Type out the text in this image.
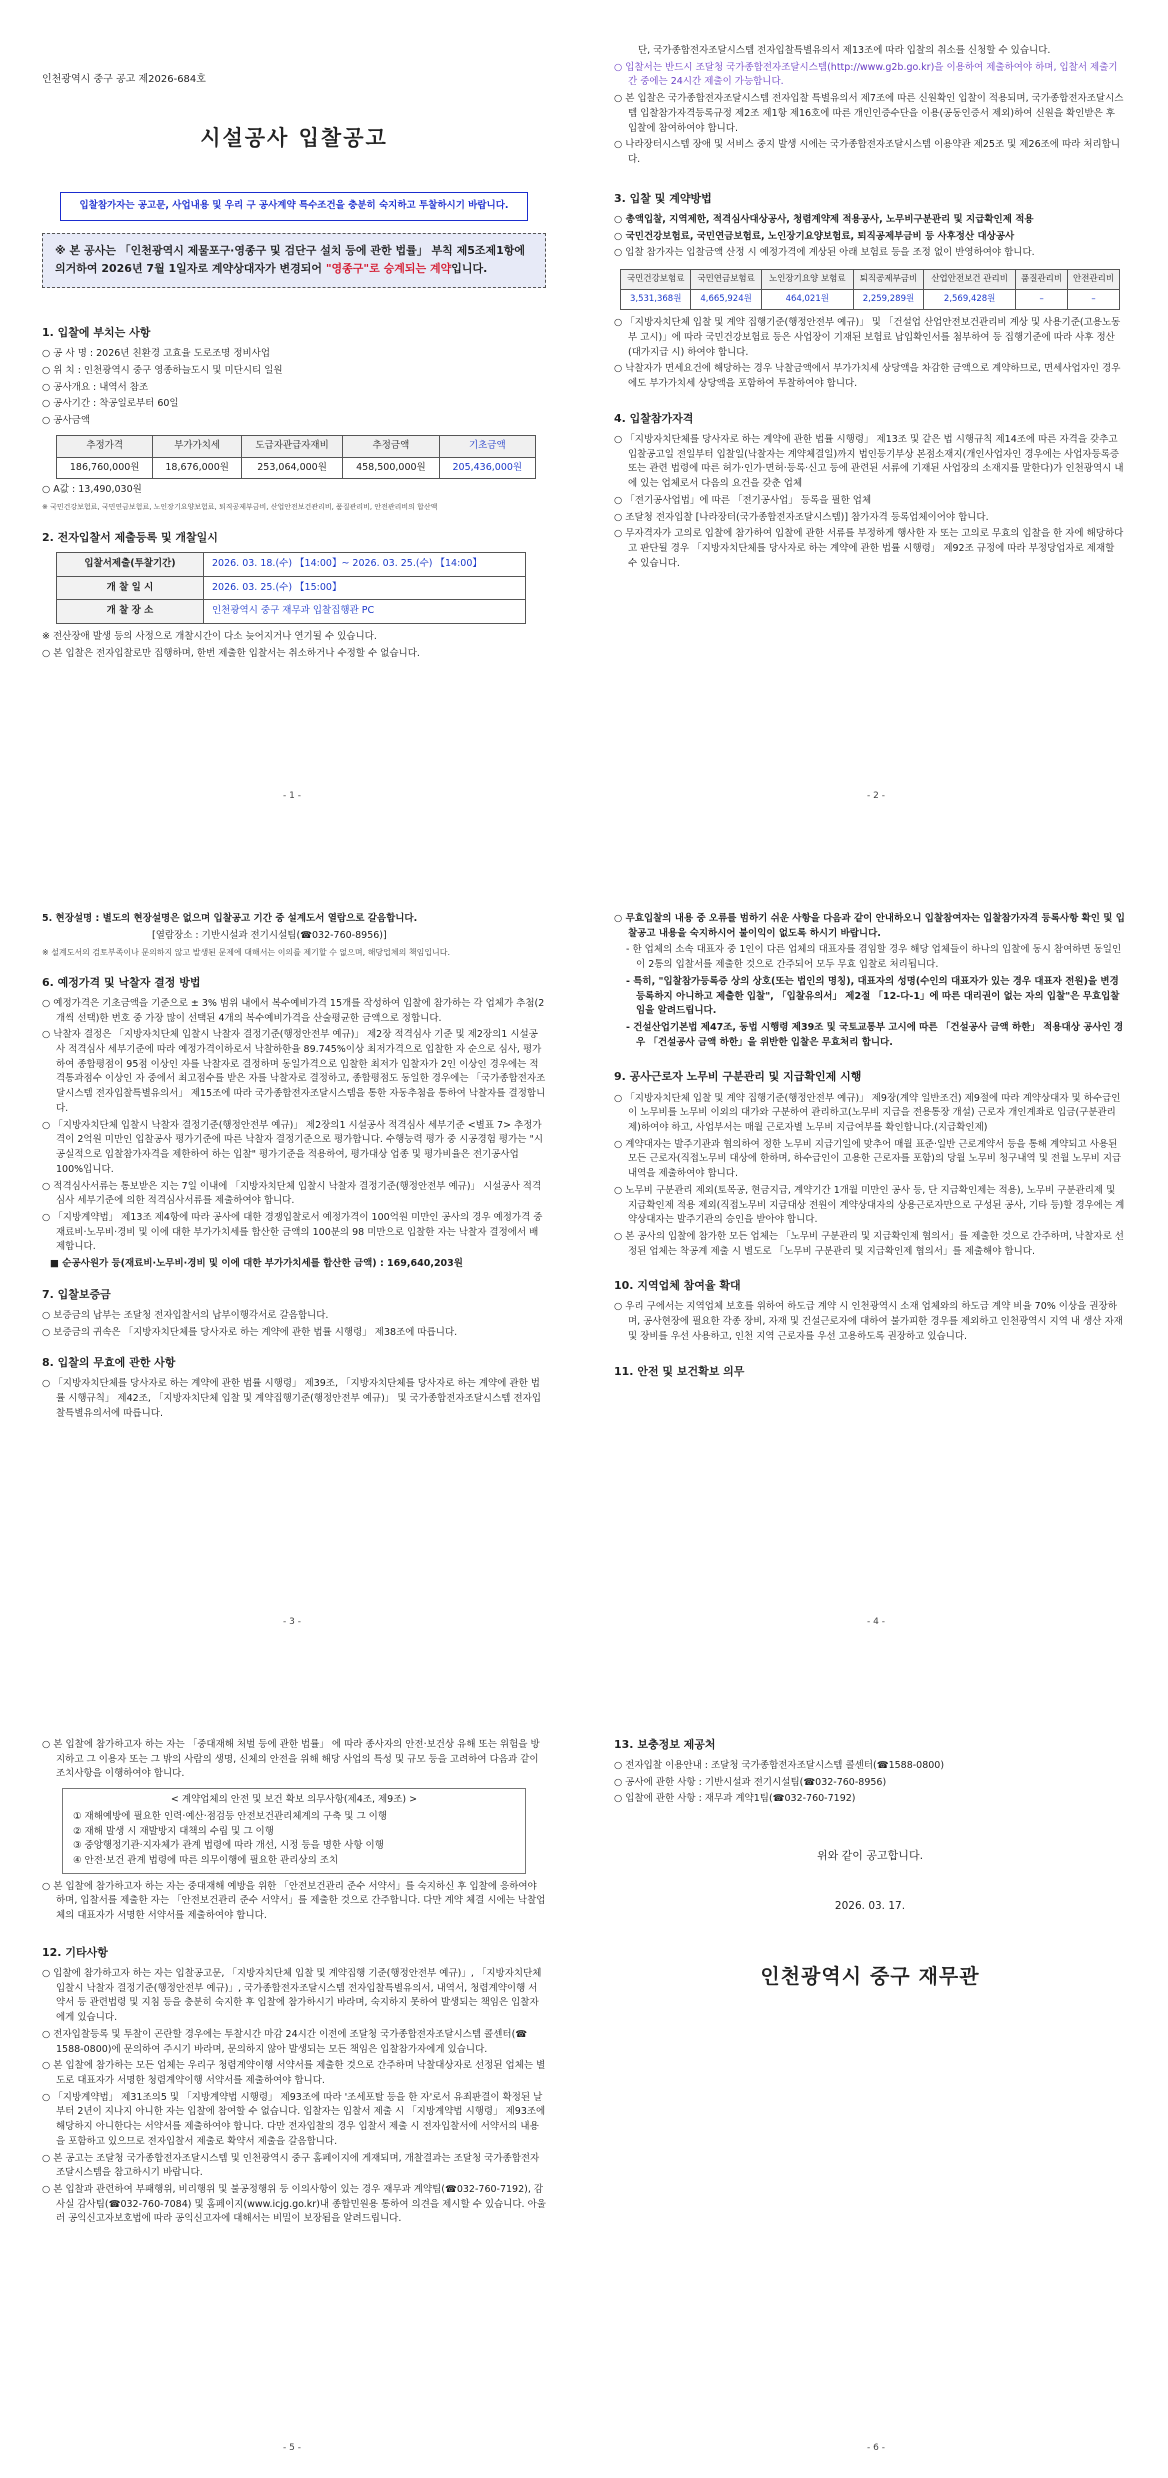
인천광역시 중구 공고 제2026-684호
시설공사 입찰공고
입찰참가자는 공고문, 사업내용 및 우리 구 공사계약 특수조건을 충분히 숙지하고 투찰하시기 바랍니다.
※ 본 공사는 「인천광역시 제물포구·영종구 및 검단구 설치 등에 관한 법률」 부칙 제5조제1항에 의거하여 2026년 7월 1일자로 계약상대자가 변경되어 "영종구"로 승계되는 계약입니다.
1. 입찰에 부치는 사항
○ 공 사 명 : 2026년 친환경 고효율 도로조명 정비사업
○ 위 치 : 인천광역시 중구 영종하늘도시 및 미단시티 일원
○ 공사개요 : 내역서 참조
○ 공사기간 : 착공일로부터 60일
○ 공사금액
추정가격	부가가치세	도급자관급자재비	추정금액	기초금액
186,760,000원	18,676,000원	253,064,000원	458,500,000원	205,436,000원
○ A값 : 13,490,030원
※ 국민건강보험료, 국민연금보험료, 노인장기요양보험료, 퇴직공제부금비, 산업안전보건관리비, 품질관리비, 안전관리비의 합산액
2. 전자입찰서 제출등록 및 개찰일시
입찰서제출(투찰기간)	2026. 03. 18.(수) 【14:00】~ 2026. 03. 25.(수) 【14:00】
개 찰 일 시	2026. 03. 25.(수) 【15:00】
개 찰 장 소	인천광역시 중구 재무과 입찰집행관 PC
※ 전산장애 발생 등의 사정으로 개찰시간이 다소 늦어지거나 연기될 수 있습니다.
○ 본 입찰은 전자입찰로만 집행하며, 한번 제출한 입찰서는 취소하거나 수정할 수 없습니다.
- 1 -
단, 국가종합전자조달시스템 전자입찰특별유의서 제13조에 따라 입찰의 취소를 신청할 수 있습니다.
○ 입찰서는 반드시 조달청 국가종합전자조달시스템(http://www.g2b.go.kr)을 이용하여 제출하여야 하며, 입찰서 제출기간 중에는 24시간 제출이 가능합니다.
○ 본 입찰은 국가종합전자조달시스템 전자입찰 특별유의서 제7조에 따른 신원확인 입찰이 적용되며, 국가종합전자조달시스템 입찰참가자격등록규정 제2조 제1항 제16호에 따른 개인인증수단을 이용(공동인증서 제외)하여 신원을 확인받은 후 입찰에 참여하여야 합니다.
○ 나라장터시스템 장애 및 서비스 중지 발생 시에는 국가종합전자조달시스템 이용약관 제25조 및 제26조에 따라 처리합니다.
3. 입찰 및 계약방법
○ 총액입찰, 지역제한, 적격심사대상공사, 청렴계약제 적용공사, 노무비구분관리 및 지급확인제 적용
○ 국민건강보험료, 국민연금보험료, 노인장기요양보험료, 퇴직공제부금비 등 사후정산 대상공사
○ 입찰 참가자는 입찰금액 산정 시 예정가격에 계상된 아래 보험료 등을 조정 없이 반영하여야 합니다.
국민건강보험료	국민연금보험료	노인장기요양 보험료	퇴직공제부금비	산업안전보건 관리비	품질관리비	안전관리비
3,531,368원	4,665,924원	464,021원	2,259,289원	2,569,428원	–	–
○ 「지방자치단체 입찰 및 계약 집행기준(행정안전부 예규)」 및 「건설업 산업안전보건관리비 계상 및 사용기준(고용노동부 고시)」에 따라 국민건강보험료 등은 사업장이 기재된 보험료 납입확인서를 첨부하여 등 집행기준에 따라 사후 정산(대가지급 시) 하여야 합니다.
○ 낙찰자가 면세요건에 해당하는 경우 낙찰금액에서 부가가치세 상당액을 차감한 금액으로 계약하므로, 면세사업자인 경우에도 부가가치세 상당액을 포함하여 투찰하여야 합니다.
4. 입찰참가자격
○ 「지방자치단체를 당사자로 하는 계약에 관한 법률 시행령」 제13조 및 같은 법 시행규칙 제14조에 따른 자격을 갖추고 입찰공고일 전일부터 입찰일(낙찰자는 계약체결일)까지 법인등기부상 본점소재지(개인사업자인 경우에는 사업자등록증 또는 관련 법령에 따른 허가·인가·면허·등록·신고 등에 관련된 서류에 기재된 사업장의 소재지를 말한다)가 인천광역시 내에 있는 업체로서 다음의 요건을 갖춘 업체
○ 「전기공사업법」에 따른 「전기공사업」 등록을 필한 업체
○ 조달청 전자입찰 [나라장터(국가종합전자조달시스템)] 참가자격 등록업체이어야 합니다.
○ 무자격자가 고의로 입찰에 참가하여 입찰에 관한 서류를 부정하게 행사한 자 또는 고의로 무효의 입찰을 한 자에 해당하다고 판단될 경우 「지방자치단체를 당사자로 하는 계약에 관한 법률 시행령」 제92조 규정에 따라 부정당업자로 제재할 수 있습니다.
- 2 -
5. 현장설명 : 별도의 현장설명은 없으며 입찰공고 기간 중 설계도서 열람으로 갈음합니다.
[열람장소 : 기반시설과 전기시설팀(☎032-760-8956)]
※ 설계도서의 검토부족이나 문의하지 않고 발생된 문제에 대해서는 이의를 제기할 수 없으며, 해당업체의 책임입니다.
6. 예정가격 및 낙찰자 결정 방법
○ 예정가격은 기초금액을 기준으로 ± 3% 범위 내에서 복수예비가격 15개를 작성하여 입찰에 참가하는 각 업체가 추첨(2개씩 선택)한 번호 중 가장 많이 선택된 4개의 복수예비가격을 산술평균한 금액으로 정합니다.
○ 낙찰자 결정은 「지방자치단체 입찰시 낙찰자 결정기준(행정안전부 예규)」 제2장 적격심사 기준 및 제2장의1 시설공사 적격심사 세부기준에 따라 예정가격이하로서 낙찰하한율 89.745%이상 최저가격으로 입찰한 자 순으로 심사, 평가하여 종합평점이 95점 이상인 자를 낙찰자로 결정하며 동일가격으로 입찰한 최저가 입찰자가 2인 이상인 경우에는 적격통과점수 이상인 자 중에서 최고점수를 받은 자를 낙찰자로 결정하고, 종합평점도 동일한 경우에는 「국가종합전자조달시스템 전자입찰특별유의서」 제15조에 따라 국가종합전자조달시스템을 통한 자동추첨을 통하여 낙찰자를 결정합니다.
○ 「지방자치단체 입찰시 낙찰자 결정기준(행정안전부 예규)」 제2장의1 시설공사 적격심사 세부기준 <별표 7> 추정가격이 2억원 미만인 입찰공사 평가기준에 따른 낙찰자 결정기준으로 평가합니다. 수행능력 평가 중 시공경험 평가는 "시공실적으로 입찰참가자격을 제한하여 하는 입찰" 평가기준을 적용하여, 평가대상 업종 및 평가비율은 전기공사업 100%입니다.
○ 적격심사서류는 통보받은 지는 7일 이내에 「지방자치단체 입찰시 낙찰자 결정기준(행정안전부 예규)」 시설공사 적격심사 세부기준에 의한 적격심사서류를 제출하여야 합니다.
○ 「지방계약법」 제13조 제4항에 따라 공사에 대한 경쟁입찰로서 예정가격이 100억원 미만인 공사의 경우 예정가격 중 재료비·노무비·경비 및 이에 대한 부가가치세를 합산한 금액의 100분의 98 미만으로 입찰한 자는 낙찰자 결정에서 배제합니다.
■ 순공사원가 등(재료비·노무비·경비 및 이에 대한 부가가치세를 합산한 금액) : 169,640,203원
7. 입찰보증금
○ 보증금의 납부는 조달청 전자입찰서의 납부이행각서로 갈음합니다.
○ 보증금의 귀속은 「지방자치단체를 당사자로 하는 계약에 관한 법률 시행령」 제38조에 따릅니다.
8. 입찰의 무효에 관한 사항
○ 「지방자치단체를 당사자로 하는 계약에 관한 법률 시행령」 제39조, 「지방자치단체를 당사자로 하는 계약에 관한 법률 시행규칙」 제42조, 「지방자치단체 입찰 및 계약집행기준(행정안전부 예규)」 및 국가종합전자조달시스템 전자입찰특별유의서에 따릅니다.
- 3 -
○ 무효입찰의 내용 중 오류를 범하기 쉬운 사항을 다음과 같이 안내하오니 입찰참여자는 입찰참가자격 등록사항 확인 및 입찰공고 내용을 숙지하시어 불이익이 없도록 하시기 바랍니다.
- 한 업체의 소속 대표자 중 1인이 다른 업체의 대표자를 겸임할 경우 해당 업체들이 하나의 입찰에 동시 참여하면 동일인이 2통의 입찰서를 제출한 것으로 간주되어 모두 무효 입찰로 처리됩니다.
- 특히, "입찰참가등록증 상의 상호(또는 법인의 명칭), 대표자의 성명(수인의 대표자가 있는 경우 대표자 전원)을 변경등록하지 아니하고 제출한 입찰", 「입찰유의서」 제2절 「12-다-1」에 따른 대리권이 없는 자의 입찰"은 무효입찰임을 알려드립니다.
- 건설산업기본법 제47조, 동법 시행령 제39조 및 국토교통부 고시에 따른 「건설공사 금액 하한」 적용대상 공사인 경우 「건설공사 금액 하한」을 위반한 입찰은 무효처리 합니다.
9. 공사근로자 노무비 구분관리 및 지급확인제 시행
○ 「지방자치단체 입찰 및 계약 집행기준(행정안전부 예규)」 제9장(계약 일반조건) 제9절에 따라 계약상대자 및 하수급인이 노무비를 노무비 이외의 대가와 구분하여 관리하고(노무비 지급을 전용통장 개설) 근로자 개인계좌로 입금(구분관리제)하여야 하고, 사업부서는 매월 근로자별 노무비 지급여부를 확인합니다.(지급확인제)
○ 계약대자는 발주기관과 협의하여 정한 노무비 지급기일에 맞추어 매월 표준·일반 근로계약서 등을 통해 계약되고 사용된 모든 근로자(직접노무비 대상에 한하며, 하수급인이 고용한 근로자를 포함)의 당월 노무비 청구내역 및 전월 노무비 지급내역을 제출하여야 합니다.
○ 노무비 구분관리 제외(토목공, 현금지급, 계약기간 1개월 미만인 공사 등, 단 지급확인제는 적용), 노무비 구분관리제 및 지급확인제 적용 제외(직접노무비 지급대상 전원이 계약상대자의 상용근로자만으로 구성된 공사, 기타 등)할 경우에는 계약상대자는 발주기관의 승인을 받아야 합니다.
○ 본 공사의 입찰에 참가한 모든 업체는 「노무비 구분관리 및 지급확인제 협의서」를 제출한 것으로 간주하며, 낙찰자로 선정된 업체는 착공계 제출 시 별도로 「노무비 구분관리 및 지급확인제 협의서」를 제출해야 합니다.
10. 지역업체 참여율 확대
○ 우리 구에서는 지역업체 보호를 위하여 하도급 계약 시 인천광역시 소재 업체와의 하도급 계약 비율 70% 이상을 권장하며, 공사현장에 필요한 각종 장비, 자재 및 건설근로자에 대하여 불가피한 경우를 제외하고 인천광역시 지역 내 생산 자재 및 장비를 우선 사용하고, 인천 지역 근로자를 우선 고용하도록 권장하고 있습니다.
11. 안전 및 보건확보 의무
- 4 -
○ 본 입찰에 참가하고자 하는 자는 「중대재해 처벌 등에 관한 법률」 에 따라 종사자의 안전·보건상 유해 또는 위험을 방지하고 그 이용자 또는 그 밖의 사람의 생명, 신체의 안전을 위해 해당 사업의 특성 및 규모 등을 고려하여 다음과 같이 조치사항을 이행하여야 합니다.
< 계약업체의 안전 및 보건 확보 의무사항(제4조, 제9조) >
① 재해예방에 필요한 인력·예산·점검등 안전보건관리체계의 구축 및 그 이행
② 재해 발생 시 재발방지 대책의 수립 및 그 이행
③ 중앙행정기관·지자체가 관계 법령에 따라 개선, 시정 등을 명한 사항 이행
④ 안전·보건 관계 법령에 따른 의무이행에 필요한 관리상의 조치
○ 본 입찰에 참가하고자 하는 자는 중대재해 예방을 위한 「안전보건관리 준수 서약서」를 숙지하신 후 입찰에 응하여야 하며, 입찰서를 제출한 자는 「안전보건관리 준수 서약서」를 제출한 것으로 간주합니다. 다만 계약 체결 시에는 낙찰업체의 대표자가 서명한 서약서를 제출하여야 합니다.
12. 기타사항
○ 입찰에 참가하고자 하는 자는 입찰공고문, 「지방자치단체 입찰 및 계약집행 기준(행정안전부 예규)」, 「지방자치단체 입찰시 낙찰자 결정기준(행정안전부 예규)」, 국가종합전자조달시스템 전자입찰특별유의서, 내역서, 청렴계약이행 서약서 등 관련법령 및 지침 등을 충분히 숙지한 후 입찰에 참가하시기 바라며, 숙지하지 못하여 발생되는 책임은 입찰자에게 있습니다.
○ 전자입찰등록 및 투찰이 곤란할 경우에는 투찰시간 마감 24시간 이전에 조달청 국가종합전자조달시스템 콜센터(☎ 1588-0800)에 문의하여 주시기 바라며, 문의하지 않아 발생되는 모든 책임은 입찰참가자에게 있습니다.
○ 본 입찰에 참가하는 모든 업체는 우리구 청렴계약이행 서약서를 제출한 것으로 간주하며 낙찰대상자로 선정된 업체는 별도로 대표자가 서명한 청렴계약이행 서약서를 제출하여야 합니다.
○ 「지방계약법」 제31조의5 및 「지방계약법 시행령」 제93조에 따라 '조세포탈 등을 한 자'로서 유죄판결이 확정된 날부터 2년이 지나지 아니한 자는 입찰에 참여할 수 없습니다. 입찰자는 입찰서 제출 시 「지방계약법 시행령」 제93조에 해당하지 아니한다는 서약서를 제출하여야 합니다. 다만 전자입찰의 경우 입찰서 제출 시 전자입찰서에 서약서의 내용을 포함하고 있으므로 전자입찰서 제출로 확약서 제출을 갈음합니다.
○ 본 공고는 조달청 국가종합전자조달시스템 및 인천광역시 중구 홈페이지에 게재되며, 개찰결과는 조달청 국가종합전자조달시스템을 참고하시기 바랍니다.
○ 본 입찰과 관련하여 부패행위, 비리행위 및 불공정행위 등 이의사항이 있는 경우 재무과 계약팀(☎032-760-7192), 감사실 감사팀(☎032-760-7084) 및 홈페이지(www.icjg.go.kr)내 종합민원용 통하여 의견을 제시할 수 있습니다. 아울러 공익신고자보호법에 따라 공익신고자에 대해서는 비밀이 보장됨을 알려드립니다.
- 5 -
13. 보충정보 제공처
○ 전자입찰 이용안내 : 조달청 국가종합전자조달시스템 콜센터(☎1588-0800)
○ 공사에 관한 사항 : 기반시설과 전기시설팀(☎032-760-8956)
○ 입찰에 관한 사항 : 재무과 계약1팀(☎032-760-7192)
위와 같이 공고합니다.
2026. 03. 17.
인천광역시 중구 재무관
- 6 -
